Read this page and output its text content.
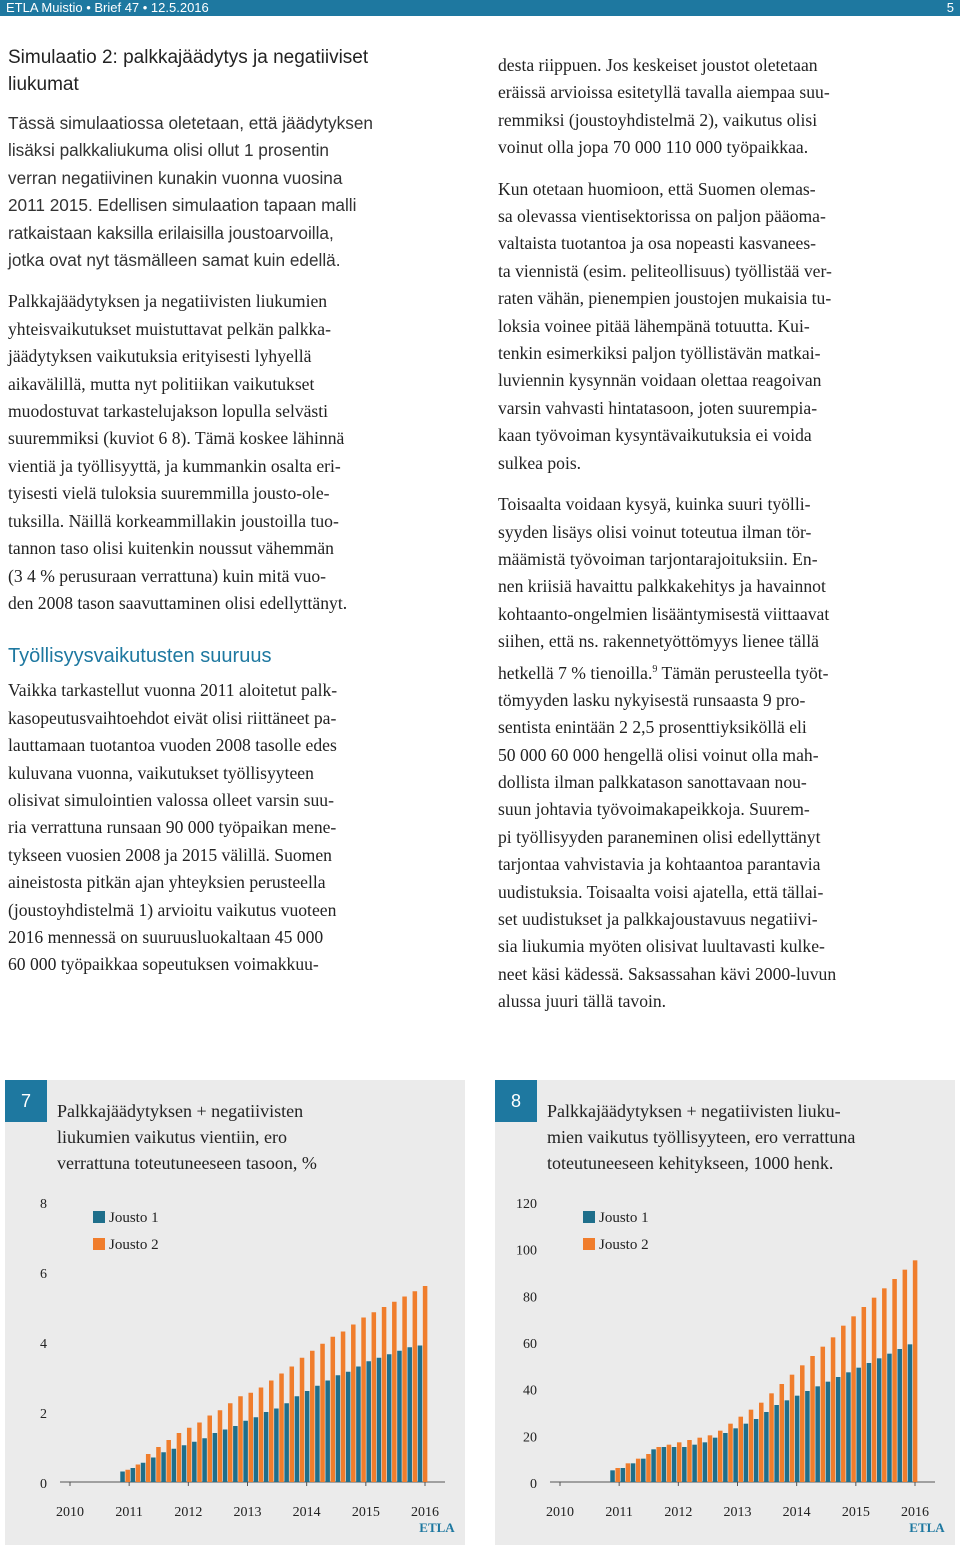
ETLA Muistio • Brief 47 • 12.5.2016	5
Simulaatio 2: palkkajäädytys ja negatiiviset
liukumat

Tässä simulaatiossa oletetaan, että jäädytyksen
lisäksi palkkaliukuma olisi ollut 1 prosentin
verran negatiivinen kunakin vuonna vuosina
2011 2015. Edellisen simulaation tapaan malli
ratkaistaan kaksilla erilaisilla joustoarvoilla,
jotka ovat nyt täsmälleen samat kuin edellä.

Palkkajäädytyksen ja negatiivisten liukumien
yhteisvaikutukset muistuttavat pelkän palkka-
jäädytyksen vaikutuksia erityisesti lyhyellä
aikavälillä, mutta nyt politiikan vaikutukset
muodostuvat tarkastelujakson lopulla selvästi
suuremmiksi (kuviot 6 8). Tämä koskee lähinnä
vientiä ja työllisyyttä, ja kummankin osalta eri-
tyisesti vielä tuloksia suuremmilla jousto-ole-
tuksilla. Näillä korkeammillakin joustoilla tuo-
tannon taso olisi kuitenkin noussut vähemmän
(3 4 % perusuraan verrattuna) kuin mitä vuo-
den 2008 tason saavuttaminen olisi edellyttänyt.

Työllisyysvaikutusten suuruus

Vaikka tarkastellut vuonna 2011 aloitetut palk-
kasopeutusvaihtoehdot eivät olisi riittäneet pa-
lauttamaan tuotantoa vuoden 2008 tasolle edes
kuluvana vuonna, vaikutukset työllisyyteen
olisivat simulointien valossa olleet varsin suu-
ria verrattuna runsaan 90 000 työpaikan mene-
tykseen vuosien 2008 ja 2015 välillä. Suomen
aineistosta pitkän ajan yhteyksien perusteella
(joustoyhdistelmä 1) arvioitu vaikutus vuoteen
2016 mennessä on suuruusluokaltaan 45 000
60 000 työpaikkaa sopeutuksen voimakkuu-

desta riippuen. Jos keskeiset joustot oletetaan
eräissä arvioissa esitetyllä tavalla aiempaa suu-
remmiksi (joustoyhdistelmä 2), vaikutus olisi
voinut olla jopa 70 000 110 000 työpaikkaa.

Kun otetaan huomioon, että Suomen olemas-
sa olevassa vientisektorissa on paljon pääoma-
valtaista tuotantoa ja osa nopeasti kasvanees-
ta viennistä (esim. peliteollisuus) työllistää ver-
raten vähän, pienempien joustojen mukaisia tu-
loksia voinee pitää lähempänä totuutta. Kui-
tenkin esimerkiksi paljon työllistävän matkai-
luviennin kysynnän voidaan olettaa reagoivan
varsin vahvasti hintatasoon, joten suurempia-
kaan työvoiman kysyntävaikutuksia ei voida
sulkea pois.

Toisaalta voidaan kysyä, kuinka suuri työlli-
syyden lisäys olisi voinut toteutua ilman tör-
määmistä työvoiman tarjontarajoituksiin. En-
nen kriisiä havaittu palkkakehitys ja havainnot
kohtaanto-ongelmien lisääntymisestä viittaavat
siihen, että ns. rakennetyöttömyys lienee tällä
hetkellä 7 % tienoilla.$^9$ Tämän perusteella työt-
tömyyden lasku nykyisestä runsaasta 9 pro-
sentista enintään 2 2,5 prosenttiyksiköllä eli
50 000 60 000 hengellä olisi voinut olla mah-
dollista ilman palkkatason sanottavaan nou-
suun johtavia työvoimakapeikkoja. Suurem-
pi työllisyyden paraneminen olisi edellyttänyt
tarjontaa vahvistavia ja kohtaantoa parantavia
uudistuksia. Toisaalta voisi ajatella, että tällai-
set uudistukset ja palkkajoustavuus negatiivi-
sia liukumia myöten olisivat luultavasti kulke-
neet käsi kädessä. Saksassahan kävi 2000-luvun
alussa juuri tällä tavoin.

7	Palkkajäädytyksen + negatiivisten
liukumien vaikutus vientiin, ero
verrattuna toteutuneeseen tasoon, %
0
2
4
6
8
2010 2011 2012 2013 2014 2015 2016
Jousto 1
Jousto 2
ETLA
8	Palkkajäädytyksen + negatiivisten liuku-
mien vaikutus työllisyyteen, ero verrattuna
toteutuneeseen kehitykseen, 1000 henk.
0
20
40
60
80
100
120
2010 2011 2012 2013 2014 2015 2016
Jousto 1
Jousto 2
ETLA
